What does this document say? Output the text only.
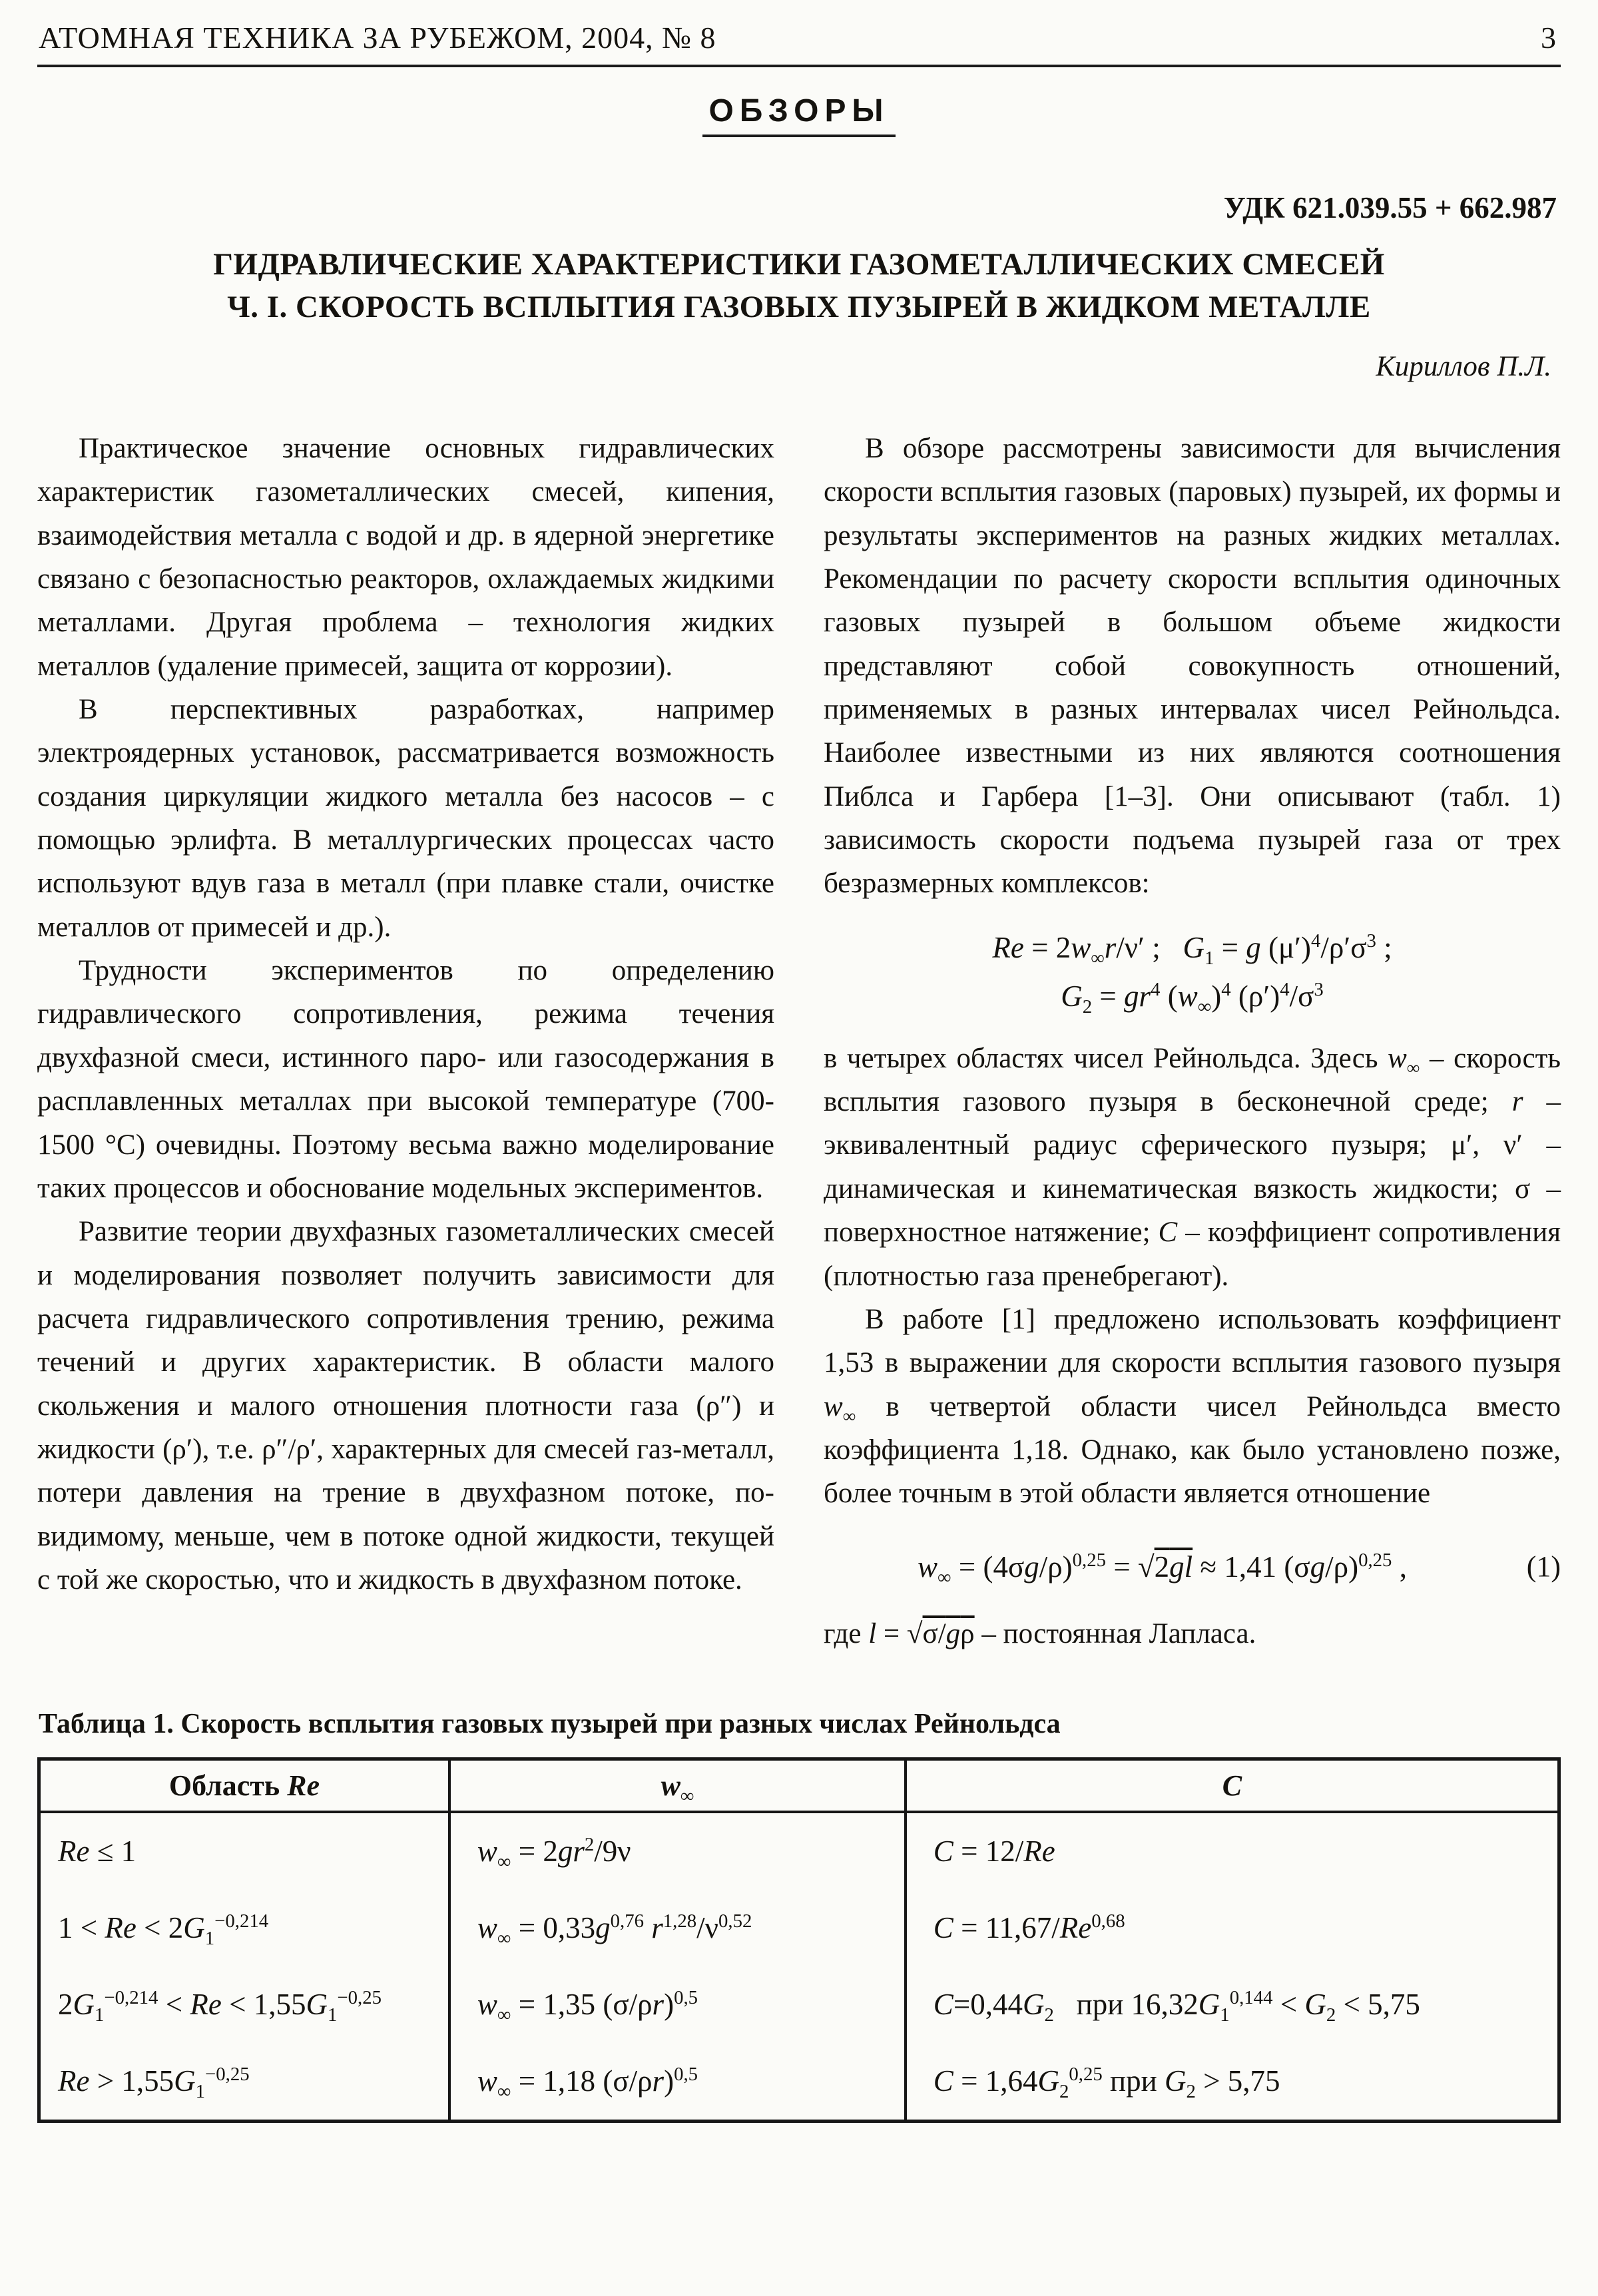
АТОМНАЯ ТЕХНИКА ЗА РУБЕЖОМ, 2004, № 8	3
ОБЗОРЫ
УДК 621.039.55 + 662.987
ГИДРАВЛИЧЕСКИЕ ХАРАКТЕРИСТИКИ ГАЗОМЕТАЛЛИЧЕСКИХ СМЕСЕЙ
Ч. I. СКОРОСТЬ ВСПЛЫТИЯ ГАЗОВЫХ ПУЗЫРЕЙ В ЖИДКОМ МЕТАЛЛЕ
Кириллов П.Л.

Практическое значение основных гидравлических характеристик газометаллических смесей, кипения, взаимодействия металла с водой и др. в ядерной энергетике связано с безопасностью реакторов, охлаждаемых жидкими металлами. Другая проблема – технология жидких металлов (удаление примесей, защита от коррозии).

В перспективных разработках, например электроядерных установок, рассматривается возможность создания циркуляции жидкого металла без насосов – с помощью эрлифта. В металлургических процессах часто используют вдув газа в металл (при плавке стали, очистке металлов от примесей и др.).

Трудности экспериментов по определению гидравлического сопротивления, режима течения двухфазной смеси, истинного паро- или газосодержания в расплавленных металлах при высокой температуре (700-1500 °С) очевидны. Поэтому весьма важно моделирование таких процессов и обоснование модельных экспериментов.

Развитие теории двухфазных газометаллических смесей и моделирования позволяет получить зависимости для расчета гидравлического сопротивления трению, режима течений и других характеристик. В области малого скольжения и малого отношения плотности газа (ρ″) и жидкости (ρ′), т.е. ρ″/ρ′, характерных для смесей газ-металл, потери давления на трение в двухфазном потоке, по-видимому, меньше, чем в потоке одной жидкости, текущей с той же скоростью, что и жидкость в двухфазном потоке.

В обзоре рассмотрены зависимости для вычисления скорости всплытия газовых (паровых) пузырей, их формы и результаты экспериментов на разных жидких металлах. Рекомендации по расчету скорости всплытия одиночных газовых пузырей в большом объеме жидкости представляют собой совокупность отношений, применяемых в разных интервалах чисел Рейнольдса. Наиболее известными из них являются соотношения Пиблса и Гарбера [1–3]. Они описывают (табл. 1) зависимость скорости подъема пузырей газа от трех безразмерных комплексов:

$Re = 2w_\infty r/\nu'$ ;   $G_1 = g$ $(\mu')^4/\rho'\sigma^3$ ;
$G_2 = gr^4$ $(w_\infty)^4$ $(\rho')^4/\sigma^3$

в четырех областях чисел Рейнольдса. Здесь $w_\infty$ – скорость всплытия газового пузыря в бесконечной среде; r – эквивалентный радиус сферического пузыря; μ′, ν′ – динамическая и кинематическая вязкость жидкости; σ – поверхностное натяжение; C – коэффициент сопротивления (плотностью газа пренебрегают).

В работе [1] предложено использовать коэффициент 1,53 в выражении для скорости всплытия газового пузыря $w_\infty$ в четвертой области чисел Рейнольдса вместо коэффициента 1,18. Однако, как было установлено позже, более точным в этой области является отношение

$w_\infty = (4\sigma g/\rho)^{0,25} = √2gl \approx 1,41$ $(\sigma g/\rho)^{0,25}$ ,	(1)

где l = √σ/gρ – постоянная Лапласа.

Таблица 1. Скорость всплытия газовых пузырей при разных числах Рейнольдса
Область Re	$w_\infty$	C
Re ≤ 1	$w_\infty = 2gr^2/9\nu$	C = 12/Re
$1 < Re < 2G_1^{-0,214}$	$w_\infty = 0,33g^{0,76}$ $r^{1,28}/\nu^{0,52}$	C = 11,67/Re$^{0,68}$
$2G_1^{-0,214} < Re < 1,55G_1^{-0,25}$	$w_\infty = 1,35$ $(\sigma/\rho r)^{0,5}$	$C=0,44G_2$   при $16,32G_1^{0,144} < G_2 < 5,75$
$Re > 1,55G_1^{-0,25}$	$w_\infty = 1,18$ $(\sigma/\rho r)^{0,5}$	$C = 1,64G_2^{0,25}$ при $G_2 > 5,75$
